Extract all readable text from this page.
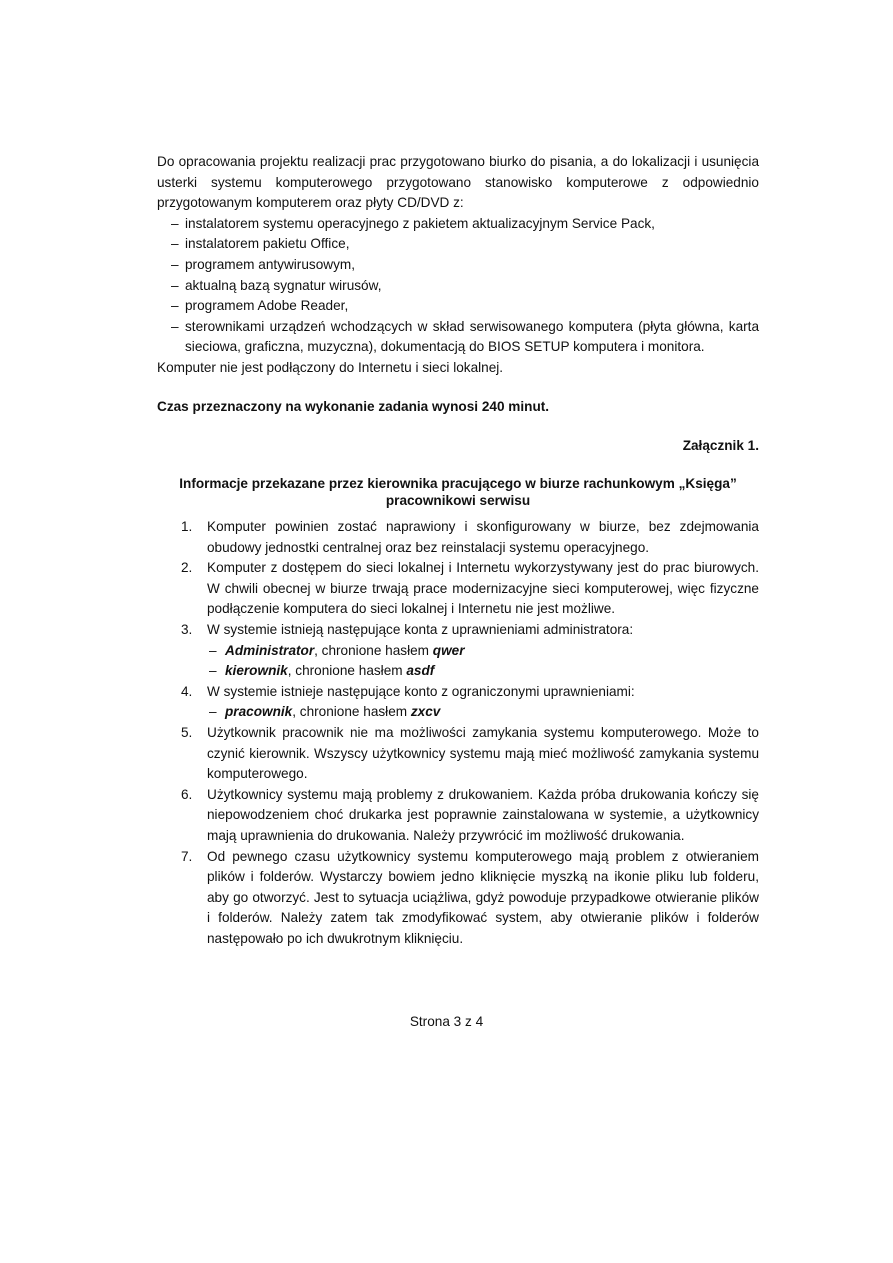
Do opracowania projektu realizacji prac przygotowano biurko do pisania, a do lokalizacji i usunięcia usterki systemu komputerowego przygotowano stanowisko komputerowe z odpowiednio przygotowanym komputerem oraz płyty CD/DVD z:

– instalatorem systemu operacyjnego z pakietem aktualizacyjnym Service Pack,
– instalatorem pakietu Office,
– programem antywirusowym,
– aktualną bazą sygnatur wirusów,
– programem Adobe Reader,
– sterownikami urządzeń wchodzących w skład serwisowanego komputera (płyta główna, karta sieciowa, graficzna, muzyczna), dokumentacją do BIOS SETUP komputera i monitora.

Komputer nie jest podłączony do Internetu i sieci lokalnej.

Czas przeznaczony na wykonanie zadania wynosi 240 minut.

Załącznik 1.

Informacje przekazane przez kierownika pracującego w biurze rachunkowym „Księga”
pracownikowi serwisu
1. Komputer powinien zostać naprawiony i skonfigurowany w biurze, bez zdejmowania obudowy jednostki centralnej oraz bez reinstalacji systemu operacyjnego.
2. Komputer z dostępem do sieci lokalnej i Internetu wykorzystywany jest do prac biurowych. W chwili obecnej w biurze trwają prace modernizacyjne sieci komputerowej, więc fizyczne podłączenie komputera do sieci lokalnej i Internetu nie jest możliwe.
3. W systemie istnieją następujące konta z uprawnieniami administratora:
– Administrator, chronione hasłem qwer
– kierownik, chronione hasłem asdf
4. W systemie istnieje następujące konto z ograniczonymi uprawnieniami:
– pracownik, chronione hasłem zxcv
5. Użytkownik pracownik nie ma możliwości zamykania systemu komputerowego. Może to czynić kierownik. Wszyscy użytkownicy systemu mają mieć możliwość zamykania systemu komputerowego.
6. Użytkownicy systemu mają problemy z drukowaniem. Każda próba drukowania kończy się niepowodzeniem choć drukarka jest poprawnie zainstalowana w systemie, a użytkownicy mają uprawnienia do drukowania. Należy przywrócić im możliwość drukowania.
7. Od pewnego czasu użytkownicy systemu komputerowego mają problem z otwieraniem plików i folderów. Wystarczy bowiem jedno kliknięcie myszką na ikonie pliku lub folderu, aby go otworzyć. Jest to sytuacja uciążliwa, gdyż powoduje przypadkowe otwieranie plików i folderów. Należy zatem tak zmodyfikować system, aby otwieranie plików i folderów następowało po ich dwukrotnym kliknięciu.
Strona 3 z 4
